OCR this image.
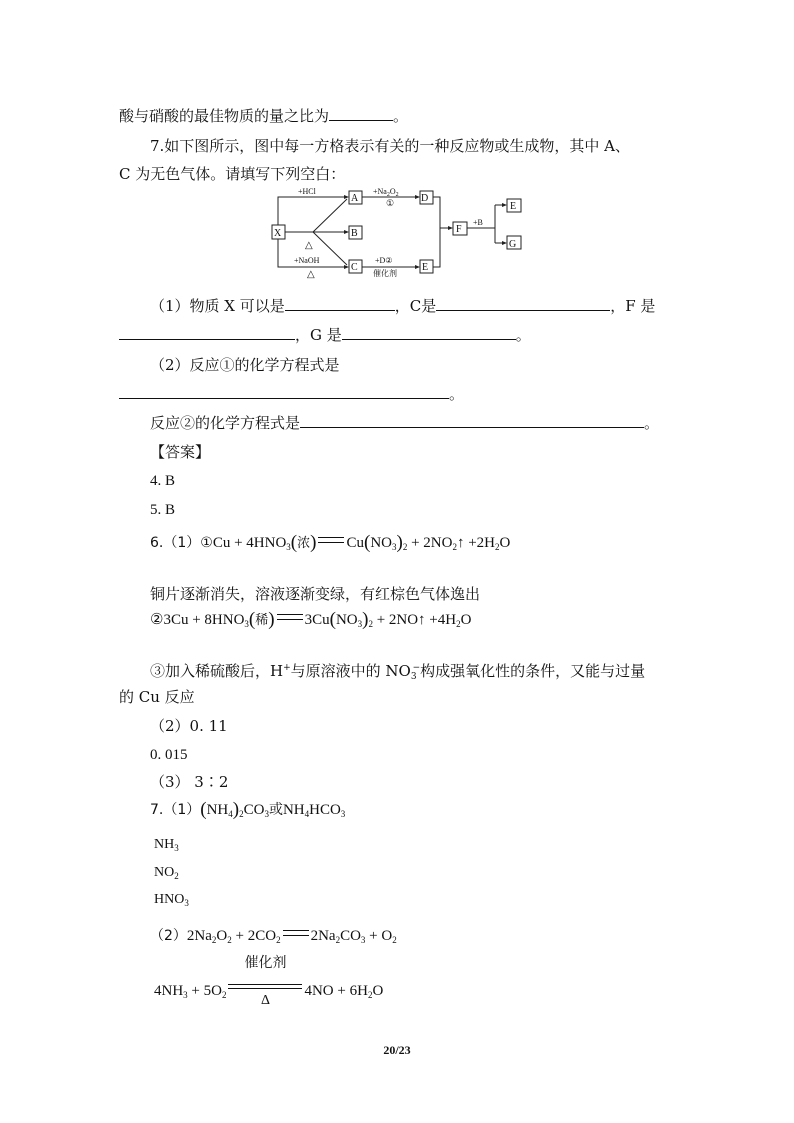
酸与硝酸的最佳物质的量之比为	。
7.如下图所示，图中每一方格表示有关的一种反应物或生成物，其中 A、
C 为无色气体。请填写下列空白：
X
A
B
C
D
E
F
E
G
+HCl
△
+NaOH
△
$+Na_2O_2$
①
+D②
催化剂
+B
（1）物质 X 可以是	，C是	，F 是
，G 是	。
（2）反应①的化学方程式是
。
反应②的化学方程式是	。
【答案】
4. B
5. B
6.（1）①Cu + $4HNO_3$(浓) $Cu(NO_3)_2$ + $2NO_2↑ +2H_2O$
铜片逐渐消失，溶液逐渐变绿，有红棕色气体逸出
②3Cu + $8HNO_3$(稀) $3Cu(NO_3)_2$ + 2NO↑ $+4H_2O$
③加入稀硫酸后，H+与原溶液中的 $NO_3^-$构成强氧化性的条件，又能与过量
的 Cu 反应
（2）0. 11
0. 015
（3） 3∶2
$7.(1)(NH_4)_2CO_3$或$NH_4HCO_3$
$NH_3$
$NO_2$
$HNO_3$
$(2)2Na_2O_2 + 2CO_2$ $2Na_2CO_3 + O_2$
$4NH_3 + 5O_2$
催化剂
Δ
$4NO + 6H_2O$
20/23
